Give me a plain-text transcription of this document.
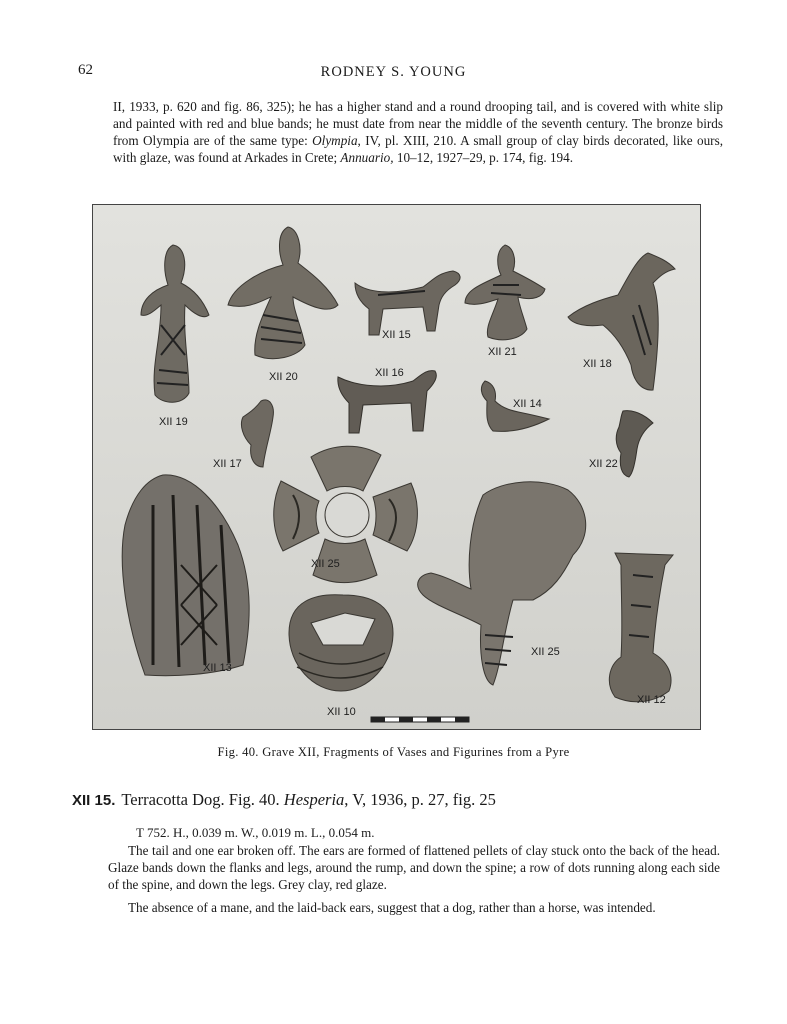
62	RODNEY S. YOUNG

II, 1933, p. 620 and fig. 86, 325); he has a higher stand and a round drooping tail, and is covered with white slip and painted with red and blue bands; he must date from near the middle of the seventh century. The bronze birds from Olympia are of the same type: Olympia, IV, pl. XIII, 210. A small group of clay birds decorated, like ours, with glaze, was found at Arkades in Crete; Annuario, 10–12, 1927–29, p. 174, fig. 194.

XII 19
XII 20
XII 15
XII 21
XII 18
XII 16
XII 14
XII 17	XII 22
XII 25
XII 13
XII 25
XII 10
XII 12
Fig. 40. Grave XII, Fragments of Vases and Figurines from a Pyre
XII 15. Terracotta Dog. Fig. 40. Hesperia, V, 1936, p. 27, fig. 25
T 752. H., 0.039 m. W., 0.019 m. L., 0.054 m.

The tail and one ear broken off. The ears are formed of flattened pellets of clay stuck onto the back of the head. Glaze bands down the flanks and legs, around the rump, and down the spine; a row of dots running along each side of the spine, and down the legs. Grey clay, red glaze.

The absence of a mane, and the laid-back ears, suggest that a dog, rather than a horse, was intended.
